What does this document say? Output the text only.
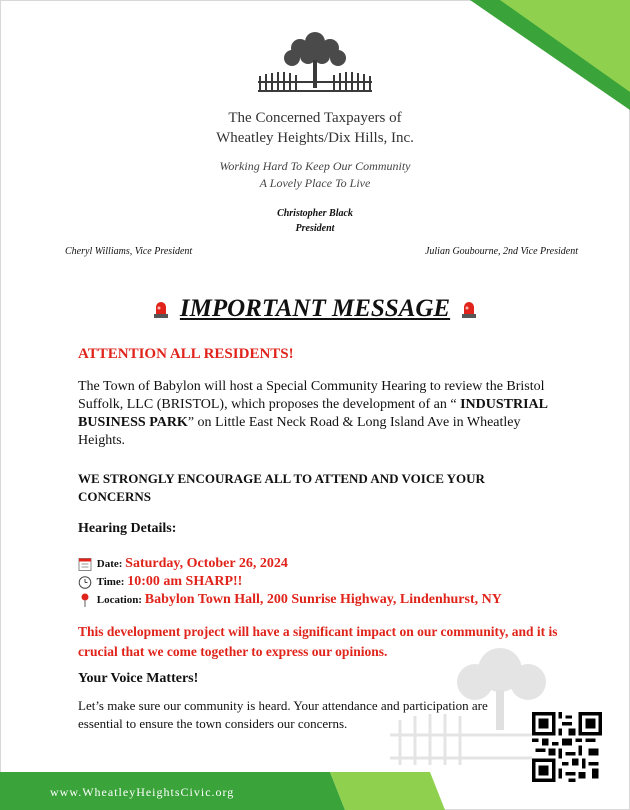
The Concerned Taxpayers of
Wheatley Heights/Dix Hills, Inc.
Working Hard To Keep Our Community
A Lovely Place To Live
Christopher Black
President
Cheryl Williams, Vice President	Julian Goubourne, 2nd Vice President
IMPORTANT MESSAGE
ATTENTION ALL RESIDENTS!
The Town of Babylon will host a Special Community Hearing to review the Bristol Suffolk, LLC (BRISTOL), which proposes the development of an “ INDUSTRIAL BUSINESS PARK” on Little East Neck Road & Long Island Ave in Wheatley Heights.
WE STRONGLY ENCOURAGE ALL TO ATTEND AND VOICE YOUR CONCERNS
Hearing Details:
Date: Saturday, October 26, 2024
Time: 10:00 am SHARP!!
Location: Babylon Town Hall, 200 Sunrise Highway, Lindenhurst, NY
This development project will have a significant impact on our community, and it is crucial that we come together to express our opinions.
Your Voice Matters!
Let’s make sure our community is heard. Your attendance and participation are essential to ensure the town considers our concerns.
www.WheatleyHeightsCivic.org
